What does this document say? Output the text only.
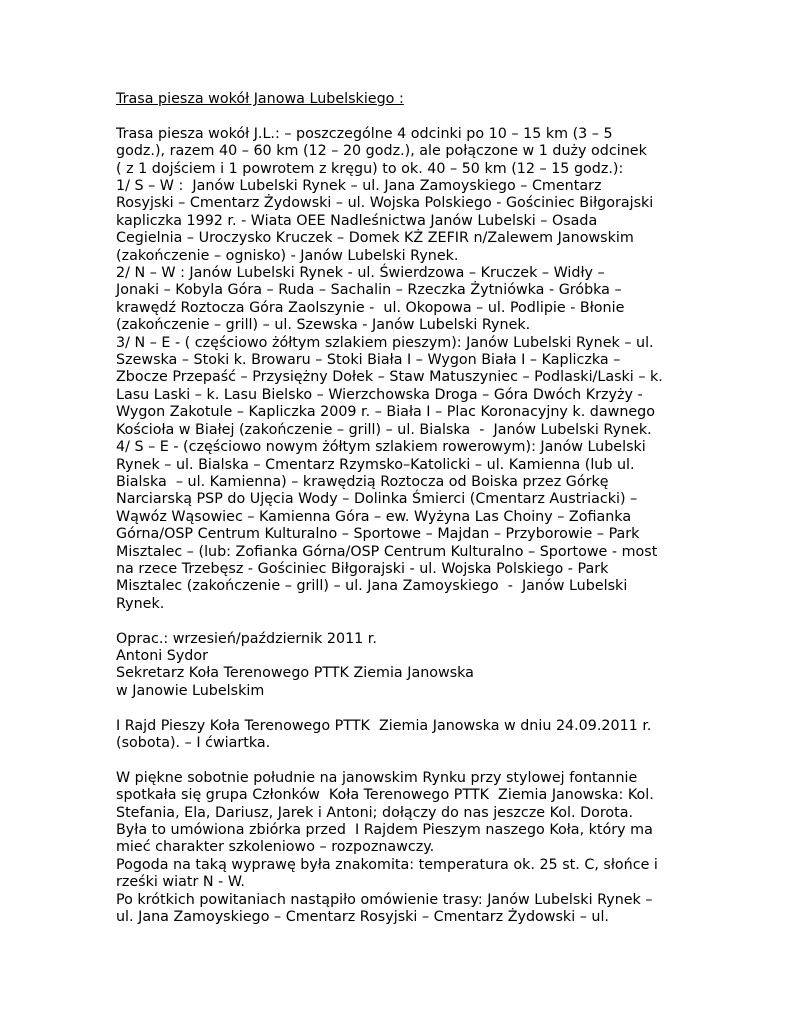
Trasa piesza wokół Janowa Lubelskiego :

Trasa piesza wokół J.L.: – poszczególne 4 odcinki po 10 – 15 km (3 – 5
godz.), razem 40 – 60 km (12 – 20 godz.), ale połączone w 1 duży odcinek
( z 1 dojściem i 1 powrotem z kręgu) to ok. 40 – 50 km (12 – 15 godz.):
1/ S – W :  Janów Lubelski Rynek – ul. Jana Zamoyskiego – Cmentarz
Rosyjski – Cmentarz Żydowski – ul. Wojska Polskiego - Gościniec Biłgorajski
kapliczka 1992 r. - Wiata OEE Nadleśnictwa Janów Lubelski – Osada
Cegielnia – Uroczysko Kruczek – Domek KŻ ZEFIR n/Zalewem Janowskim
(zakończenie – ognisko) - Janów Lubelski Rynek.
2/ N – W : Janów Lubelski Rynek - ul. Świerdzowa – Kruczek – Widły –
Jonaki – Kobyla Góra – Ruda – Sachalin – Rzeczka Żytniówka - Gróbka –
krawędź Roztocza Góra Zaolszynie -  ul. Okopowa – ul. Podlipie - Błonie
(zakończenie – grill) – ul. Szewska - Janów Lubelski Rynek.
3/ N – E - ( częściowo żółtym szlakiem pieszym): Janów Lubelski Rynek – ul.
Szewska – Stoki k. Browaru – Stoki Biała I – Wygon Biała I – Kapliczka –
Zbocze Przepaść – Przysiężny Dołek – Staw Matuszyniec – Podlaski/Laski – k.
Lasu Laski – k. Lasu Bielsko – Wierzchowska Droga – Góra Dwóch Krzyży -
Wygon Zakotule – Kapliczka 2009 r. – Biała I – Plac Koronacyjny k. dawnego
Kościoła w Białej (zakończenie – grill) – ul. Bialska  -  Janów Lubelski Rynek.
4/ S – E - (częściowo nowym żółtym szlakiem rowerowym): Janów Lubelski
Rynek – ul. Bialska – Cmentarz Rzymsko–Katolicki – ul. Kamienna (lub ul.
Bialska  – ul. Kamienna) – krawędzią Roztocza od Boiska przez Górkę
Narciarską PSP do Ujęcia Wody – Dolinka Śmierci (Cmentarz Austriacki) –
Wąwóz Wąsowiec – Kamienna Góra – ew. Wyżyna Las Choiny – Zofianka
Górna/OSP Centrum Kulturalno – Sportowe – Majdan – Przyborowie – Park
Misztalec – (lub: Zofianka Górna/OSP Centrum Kulturalno – Sportowe - most
na rzece Trzebęsz - Gościniec Biłgorajski - ul. Wojska Polskiego - Park
Misztalec (zakończenie – grill) – ul. Jana Zamoyskiego  -  Janów Lubelski
Rynek.
Oprac.: wrzesień/październik 2011 r.
Antoni Sydor
Sekretarz Koła Terenowego PTTK Ziemia Janowska
w Janowie Lubelskim
I Rajd Pieszy Koła Terenowego PTTK  Ziemia Janowska w dniu 24.09.2011 r.
(sobota). – I ćwiartka.
W piękne sobotnie południe na janowskim Rynku przy stylowej fontannie
spotkała się grupa Członków  Koła Terenowego PTTK  Ziemia Janowska: Kol.
Stefania, Ela, Dariusz, Jarek i Antoni; dołączy do nas jeszcze Kol. Dorota.
Była to umówiona zbiórka przed  I Rajdem Pieszym naszego Koła, który ma
mieć charakter szkoleniowo – rozpoznawczy.
Pogoda na taką wyprawę była znakomita: temperatura ok. 25 st. C, słońce i
rześki wiatr N - W.
Po krótkich powitaniach nastąpiło omówienie trasy: Janów Lubelski Rynek –
ul. Jana Zamoyskiego – Cmentarz Rosyjski – Cmentarz Żydowski – ul.
